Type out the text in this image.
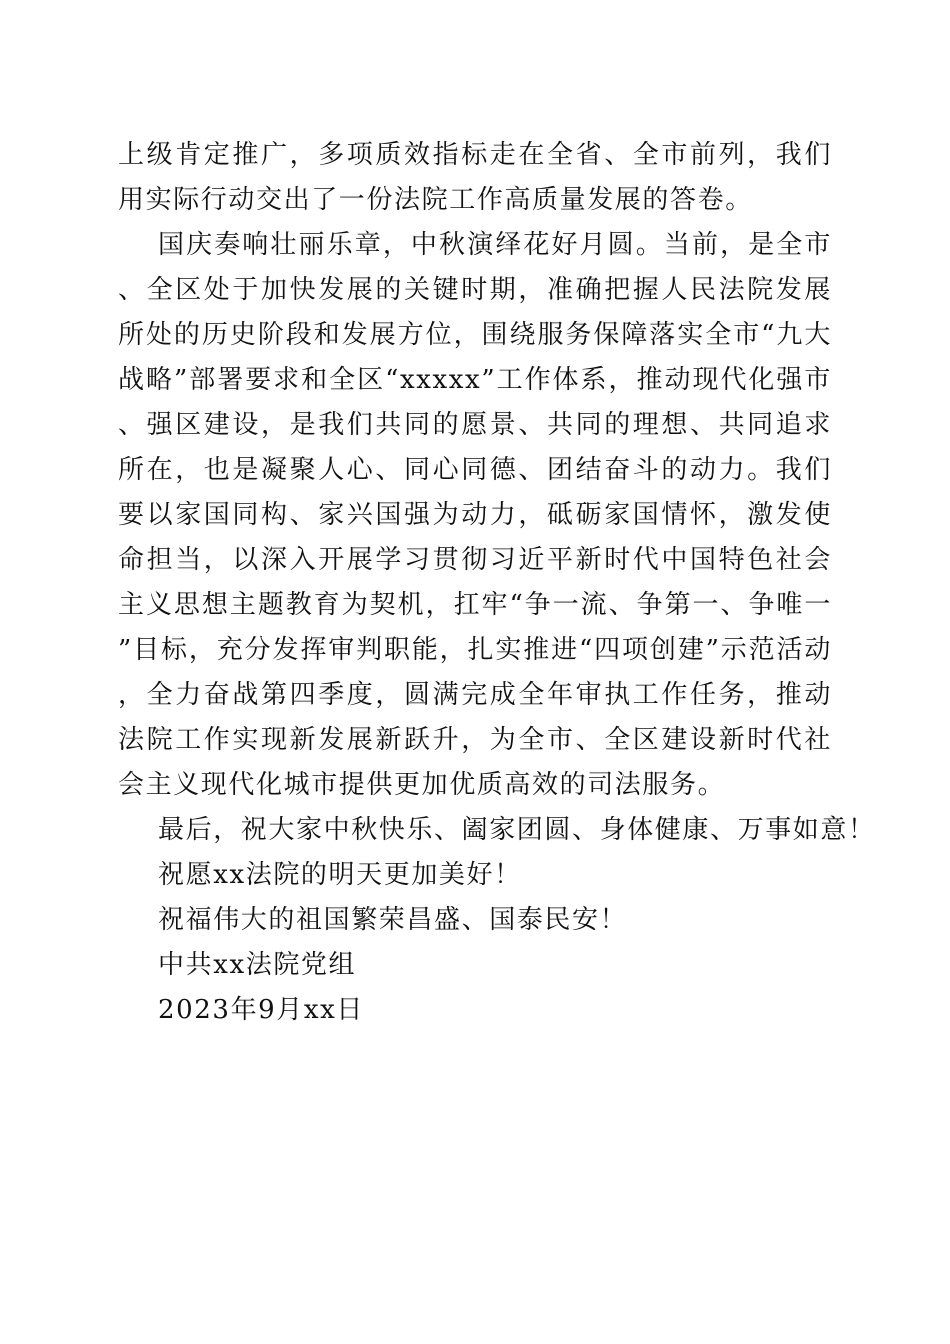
上级肯定推广，多项质效指标走在全省、全市前列，我们用实际行动交出了一份法院工作高质量发展的答卷。

国庆奏响壮丽乐章，中秋演绎花好月圆。当前，是全市、全区处于加快发展的关键时期，准确把握人民法院发展所处的历史阶段和发展方位，围绕服务保障落实全市“九大战略”部署要求和全区“xxxxx”工作体系，推动现代化强市、强区建设，是我们共同的愿景、共同的理想、共同追求所在，也是凝聚人心、同心同德、团结奋斗的动力。我们要以家国同构、家兴国强为动力，砥砺家国情怀，激发使命担当，以深入开展学习贯彻习近平新时代中国特色社会主义思想主题教育为契机，扛牢“争一流、争第一、争唯一”目标，充分发挥审判职能，扎实推进“四项创建”示范活动，全力奋战第四季度，圆满完成全年审执工作任务，推动法院工作实现新发展新跃升，为全市、全区建设新时代社会主义现代化城市提供更加优质高效的司法服务。

最后，祝大家中秋快乐、阖家团圆、身体健康、万事如意！

祝愿xx法院的明天更加美好！

祝福伟大的祖国繁荣昌盛、国泰民安！

中共xx法院党组

2023年9月xx日
